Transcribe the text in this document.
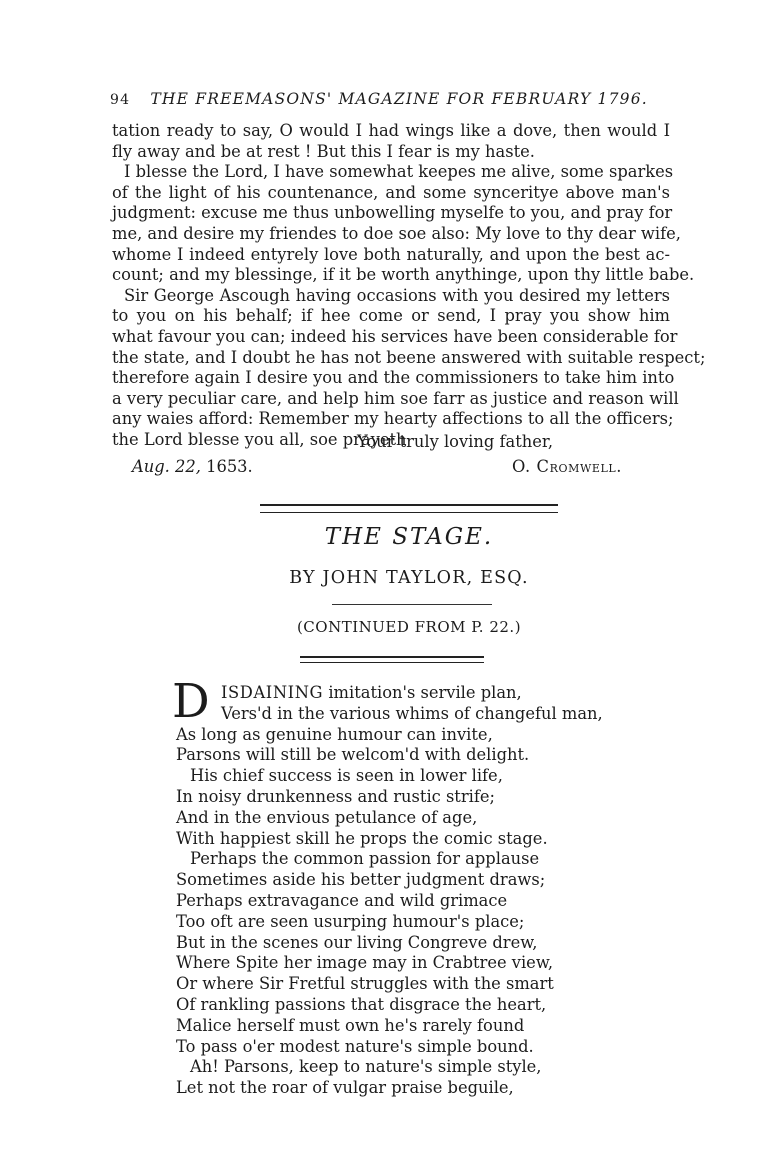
94 THE FREEMASONS' MAGAZINE FOR FEBRUARY 1796.
tation ready to say, O would I had wings like a dove, then would I
fly away and be at rest ! But this I fear is my haste.
I blesse the Lord, I have somewhat keepes me alive, some sparkes
of the light of his countenance, and some synceritye above man's
judgment: excuse me thus unbowelling myselfe to you, and pray for
me, and desire my friendes to doe soe also: My love to thy dear wife,
whome I indeed entyrely love both naturally, and upon the best ac-
count; and my blessinge, if it be worth anythinge, upon thy little babe.
Sir George Ascough having occasions with you desired my letters
to you on his behalf; if hee come or send, I pray you show him
what favour you can; indeed his services have been considerable for
the state, and I doubt he has not beene answered with suitable respect;
therefore again I desire you and the commissioners to take him into
a very peculiar care, and help him soe farr as justice and reason will
any waies afford: Remember my hearty affections to all the officers;
the Lord blesse you all, soe prayeth
Your truly loving father,
Aug. 22, 1653.	O. Cromwell.
THE STAGE.
BY JOHN TAYLOR, ESQ.
(CONTINUED FROM P. 22.)
D ISDAINING imitation's servile plan,
Vers'd in the various whims of changeful man,
As long as genuine humour can invite,
Parsons will still be welcom'd with delight.
His chief success is seen in lower life,
In noisy drunkenness and rustic strife;
And in the envious petulance of age,
With happiest skill he props the comic stage.
Perhaps the common passion for applause
Sometimes aside his better judgment draws;
Perhaps extravagance and wild grimace
Too oft are seen usurping humour's place;
But in the scenes our living Congreve drew,
Where Spite her image may in Crabtree view,
Or where Sir Fretful struggles with the smart
Of rankling passions that disgrace the heart,
Malice herself must own he's rarely found
To pass o'er modest nature's simple bound.
Ah! Parsons, keep to nature's simple style,
Let not the roar of vulgar praise beguile,
